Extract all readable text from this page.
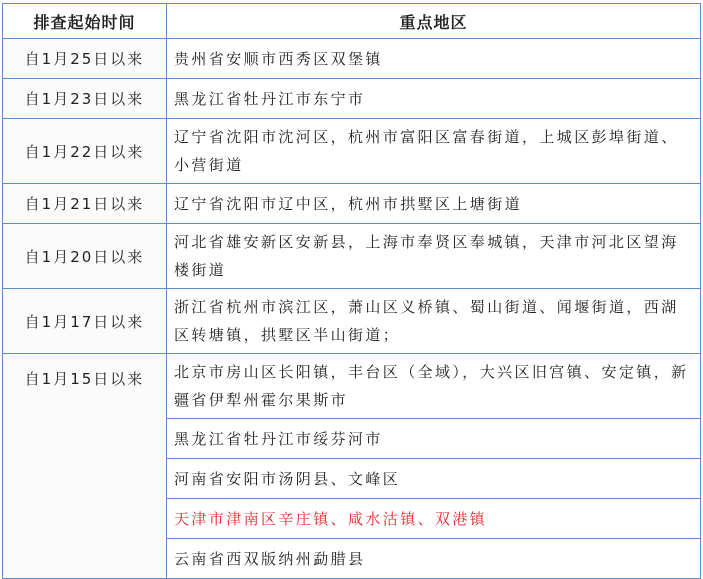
排查起始时间	重点地区
自1月25日以来	贵州省安顺市西秀区双堡镇
自1月23日以来	黑龙江省牡丹江市东宁市
自1月22日以来	辽宁省沈阳市沈河区，杭州市富阳区富春街道，上城区彭埠街道、小营街道
自1月21日以来	辽宁省沈阳市辽中区，杭州市拱墅区上塘街道
自1月20日以来	河北省雄安新区安新县，上海市奉贤区奉城镇，天津市河北区望海楼街道
自1月17日以来	浙江省杭州市滨江区，萧山区义桥镇、蜀山街道、闻堰街道，西湖区转塘镇，拱墅区半山街道；
自1月15日以来	北京市房山区长阳镇，丰台区（全域），大兴区旧宫镇、安定镇，新疆省伊犁州霍尔果斯市
	黑龙江省牡丹江市绥芬河市
	河南省安阳市汤阴县、文峰区
	天津市津南区辛庄镇、咸水沽镇、双港镇
	云南省西双版纳州勐腊县
